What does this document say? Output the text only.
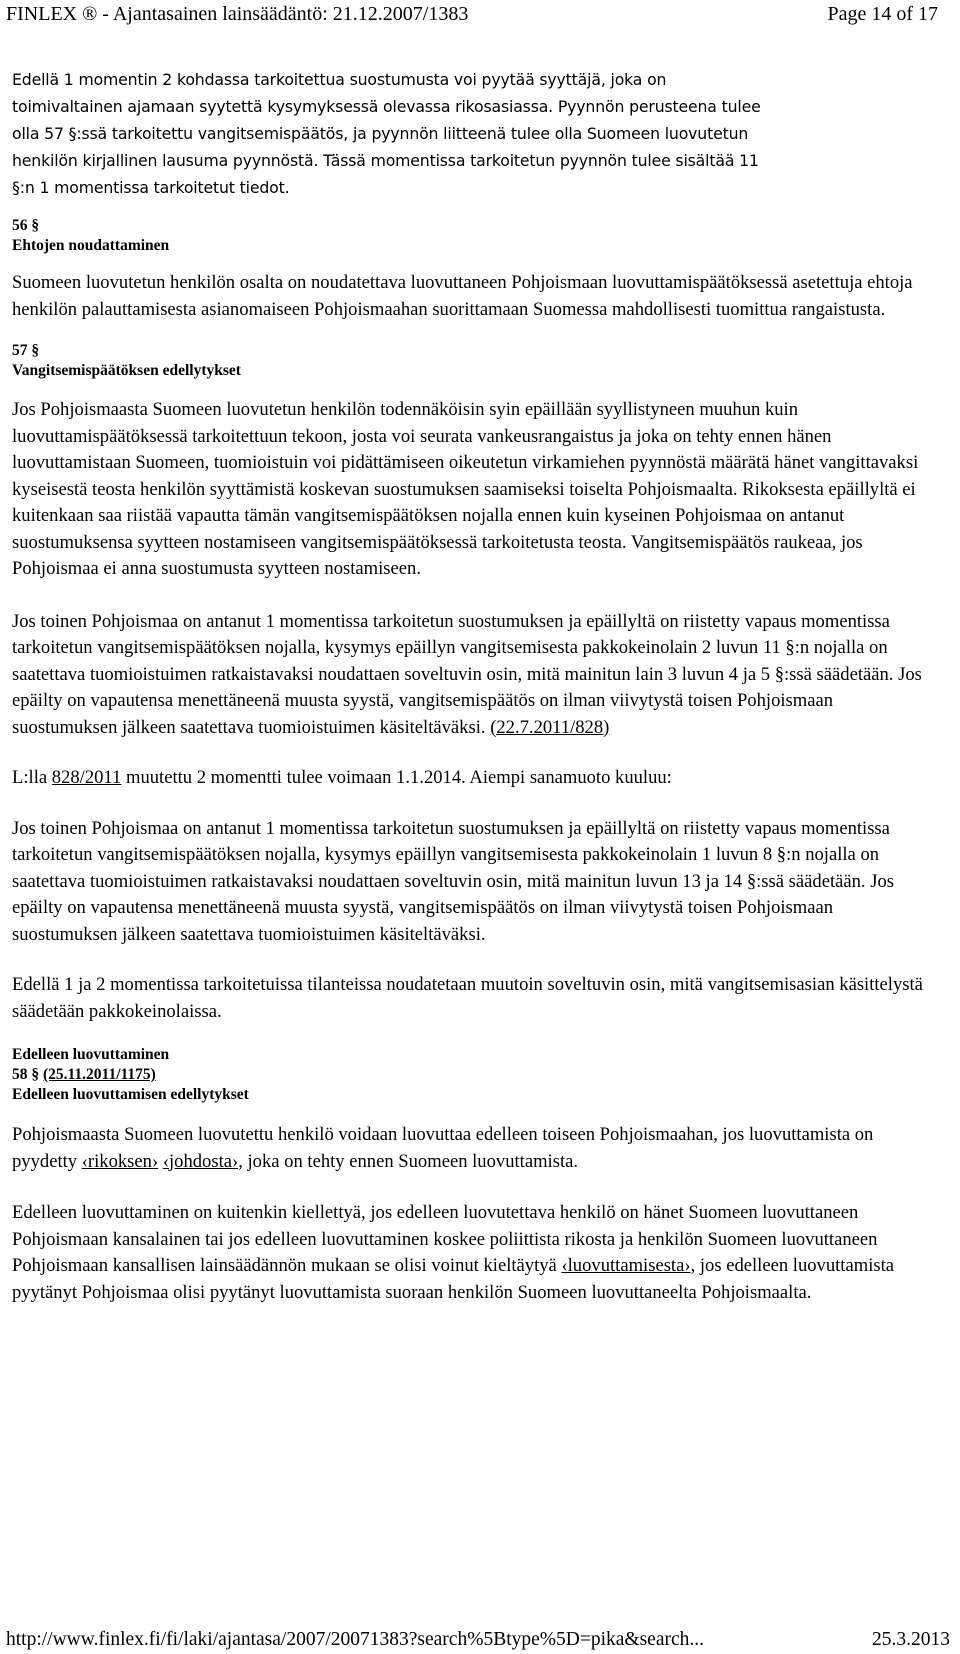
FINLEX ® - Ajantasainen lainsäädäntö: 21.12.2007/1383	Page 14 of 17
Edellä 1 momentin 2 kohdassa tarkoitettua suostumusta voi pyytää syyttäjä, joka on
toimivaltainen ajamaan syytettä kysymyksessä olevassa rikosasiassa. Pyynnön perusteena tulee
olla 57 §:ssä tarkoitettu vangitsemispäätös, ja pyynnön liitteenä tulee olla Suomeen luovutetun
henkilön kirjallinen lausuma pyynnöstä. Tässä momentissa tarkoitetun pyynnön tulee sisältää 11
§:n 1 momentissa tarkoitetut tiedot.
56 §
Ehtojen noudattaminen

Suomeen luovutetun henkilön osalta on noudatettava luovuttaneen Pohjoismaan luovuttamispäätöksessä asetettuja ehtoja henkilön palauttamisesta asianomaiseen Pohjoismaahan suorittamaan Suomessa mahdollisesti tuomittua rangaistusta.

57 §
Vangitsemispäätöksen edellytykset

Jos Pohjoismaasta Suomeen luovutetun henkilön todennäköisin syin epäillään syyllistyneen muuhun kuin luovuttamispäätöksessä tarkoitettuun tekoon, josta voi seurata vankeusrangaistus ja joka on tehty ennen hänen luovuttamistaan Suomeen, tuomioistuin voi pidättämiseen oikeutetun virkamiehen pyynnöstä määrätä hänet vangittavaksi kyseisestä teosta henkilön syyttämistä koskevan suostumuksen saamiseksi toiselta Pohjoismaalta. Rikoksesta epäillyltä ei kuitenkaan saa riistää vapautta tämän vangitsemispäätöksen nojalla ennen kuin kyseinen Pohjoismaa on antanut suostumuksensa syytteen nostamiseen vangitsemispäätöksessä tarkoitetusta teosta. Vangitsemispäätös raukeaa, jos Pohjoismaa ei anna suostumusta syytteen nostamiseen.

Jos toinen Pohjoismaa on antanut 1 momentissa tarkoitetun suostumuksen ja epäillyltä on riistetty vapaus momentissa tarkoitetun vangitsemispäätöksen nojalla, kysymys epäillyn vangitsemisesta pakkokeinolain 2 luvun 11 §:n nojalla on saatettava tuomioistuimen ratkaistavaksi noudattaen soveltuvin osin, mitä mainitun lain 3 luvun 4 ja 5 §:ssä säädetään. Jos epäilty on vapautensa menettäneenä muusta syystä, vangitsemispäätös on ilman viivytystä toisen Pohjoismaan suostumuksen jälkeen saatettava tuomioistuimen käsiteltäväksi. (22.7.2011/828)

L:lla 828/2011 muutettu 2 momentti tulee voimaan 1.1.2014. Aiempi sanamuoto kuuluu:

Jos toinen Pohjoismaa on antanut 1 momentissa tarkoitetun suostumuksen ja epäillyltä on riistetty vapaus momentissa tarkoitetun vangitsemispäätöksen nojalla, kysymys epäillyn vangitsemisesta pakkokeinolain 1 luvun 8 §:n nojalla on saatettava tuomioistuimen ratkaistavaksi noudattaen soveltuvin osin, mitä mainitun luvun 13 ja 14 §:ssä säädetään. Jos epäilty on vapautensa menettäneenä muusta syystä, vangitsemispäätös on ilman viivytystä toisen Pohjoismaan suostumuksen jälkeen saatettava tuomioistuimen käsiteltäväksi.

Edellä 1 ja 2 momentissa tarkoitetuissa tilanteissa noudatetaan muutoin soveltuvin osin, mitä vangitsemisasian käsittelystä säädetään pakkokeinolaissa.

Edelleen luovuttaminen
58 § (25.11.2011/1175)
Edelleen luovuttamisen edellytykset

Pohjoismaasta Suomeen luovutettu henkilö voidaan luovuttaa edelleen toiseen Pohjoismaahan, jos luovuttamista on pyydetty ‹rikoksen› ‹johdosta›, joka on tehty ennen Suomeen luovuttamista.

Edelleen luovuttaminen on kuitenkin kiellettyä, jos edelleen luovutettava henkilö on hänet Suomeen luovuttaneen Pohjoismaan kansalainen tai jos edelleen luovuttaminen koskee poliittista rikosta ja henkilön Suomeen luovuttaneen Pohjoismaan kansallisen lainsäädännön mukaan se olisi voinut kieltäytyä ‹luovuttamisesta›, jos edelleen luovuttamista pyytänyt Pohjoismaa olisi pyytänyt luovuttamista suoraan henkilön Suomeen luovuttaneelta Pohjoismaalta.

http://www.finlex.fi/fi/laki/ajantasa/2007/20071383?search%5Btype%5D=pika&search...	25.3.2013
